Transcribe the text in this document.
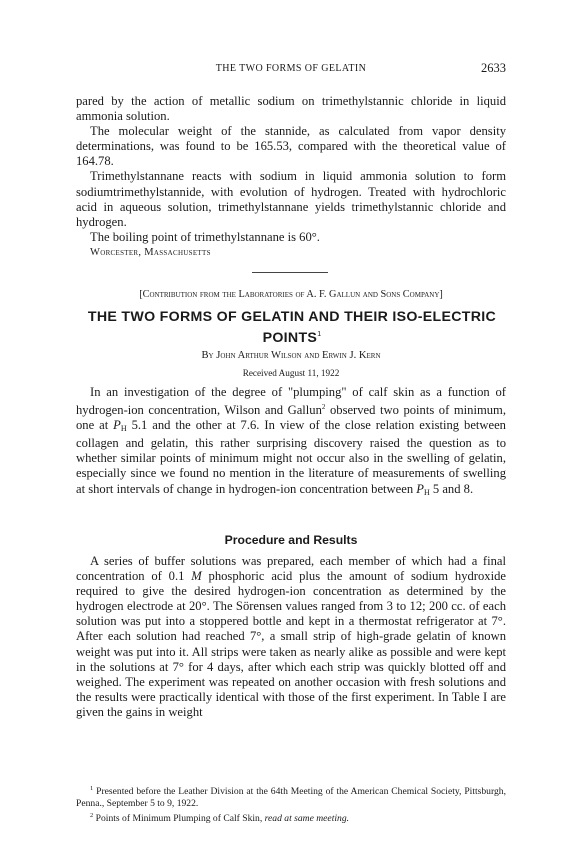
THE TWO FORMS OF GELATIN	2633

pared by the action of metallic sodium on trimethylstannic chloride in liquid ammonia solution.

The molecular weight of the stannide, as calculated from vapor density determinations, was found to be 165.53, compared with the theoretical value of 164.78.

Trimethylstannane reacts with sodium in liquid ammonia solution to form sodiumtrimethylstannide, with evolution of hydrogen. Treated with hydrochloric acid in aqueous solution, trimethylstannane yields trimethylstannic chloride and hydrogen.

The boiling point of trimethylstannane is 60°.

Worcester, Massachusetts
[Contribution from the Laboratories of A. F. Gallun and Sons Company]
THE TWO FORMS OF GELATIN AND THEIR ISO-ELECTRIC POINTS$^1$
By John Arthur Wilson and Erwin J. Kern
Received August 11, 1922

In an investigation of the degree of "plumping" of calf skin as a function of hydrogen-ion concentration, Wilson and Gallun$^2$ observed two points of minimum, one at $P_H$ 5.1 and the other at 7.6. In view of the close relation existing between collagen and gelatin, this rather surprising discovery raised the question as to whether similar points of minimum might not occur also in the swelling of gelatin, especially since we found no mention in the literature of measurements of swelling at short intervals of change in hydrogen-ion concentration between $P_H$ 5 and 8.

Procedure and Results

A series of buffer solutions was prepared, each member of which had a final concentration of 0.1 M phosphoric acid plus the amount of sodium hydroxide required to give the desired hydrogen-ion concentration as determined by the hydrogen electrode at 20°. The Sörensen values ranged from 3 to 12; 200 cc. of each solution was put into a stoppered bottle and kept in a thermostat refrigerator at 7°. After each solution had reached 7°, a small strip of high-grade gelatin of known weight was put into it. All strips were taken as nearly alike as possible and were kept in the solutions at 7° for 4 days, after which each strip was quickly blotted off and weighed. The experiment was repeated on another occasion with fresh solutions and the results were practically identical with those of the first experiment. In Table I are given the gains in weight

$^1$ Presented before the Leather Division at the 64th Meeting of the American Chemical Society, Pittsburgh, Penna., September 5 to 9, 1922.

$^2$ Points of Minimum Plumping of Calf Skin, read at same meeting.
